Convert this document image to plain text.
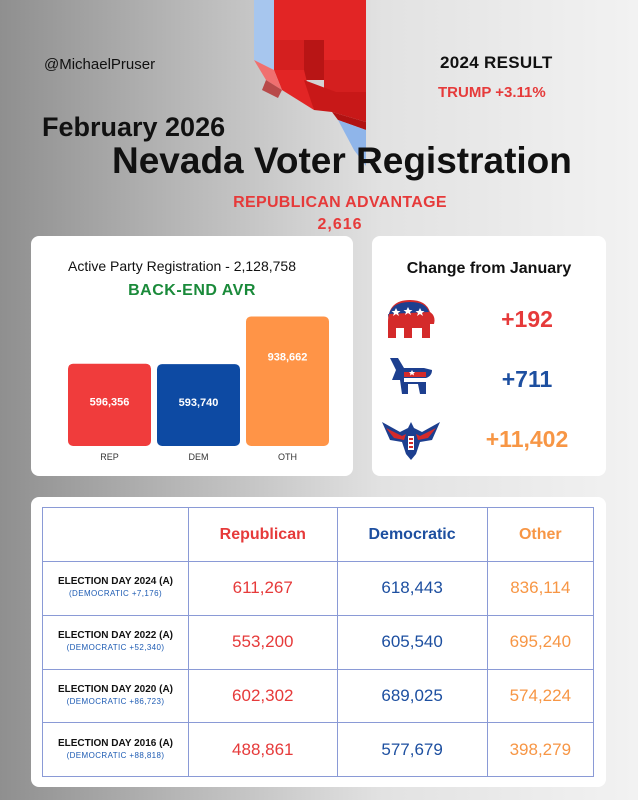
@MichaelPruser	2024 RESULT
TRUMP +3.11%
February 2026
Nevada Voter Registration
REPUBLICAN ADVANTAGE
2,616
Active Party Registration - 2,128,758
BACK-END AVR
596,356
REP
593,740
DEM
938,662
OTH
Change from January
+192
+711
+11,402
	Republican	Democratic	Other
ELECTION DAY 2024 (A)
(DEMOCRATIC +7,176)	611,267	618,443	836,114
ELECTION DAY 2022 (A)
(DEMOCRATIC +52,340)	553,200	605,540	695,240
ELECTION DAY 2020 (A)
(DEMOCRATIC +86,723)	602,302	689,025	574,224
ELECTION DAY 2016 (A)
(DEMOCRATIC +88,818)	488,861	577,679	398,279
